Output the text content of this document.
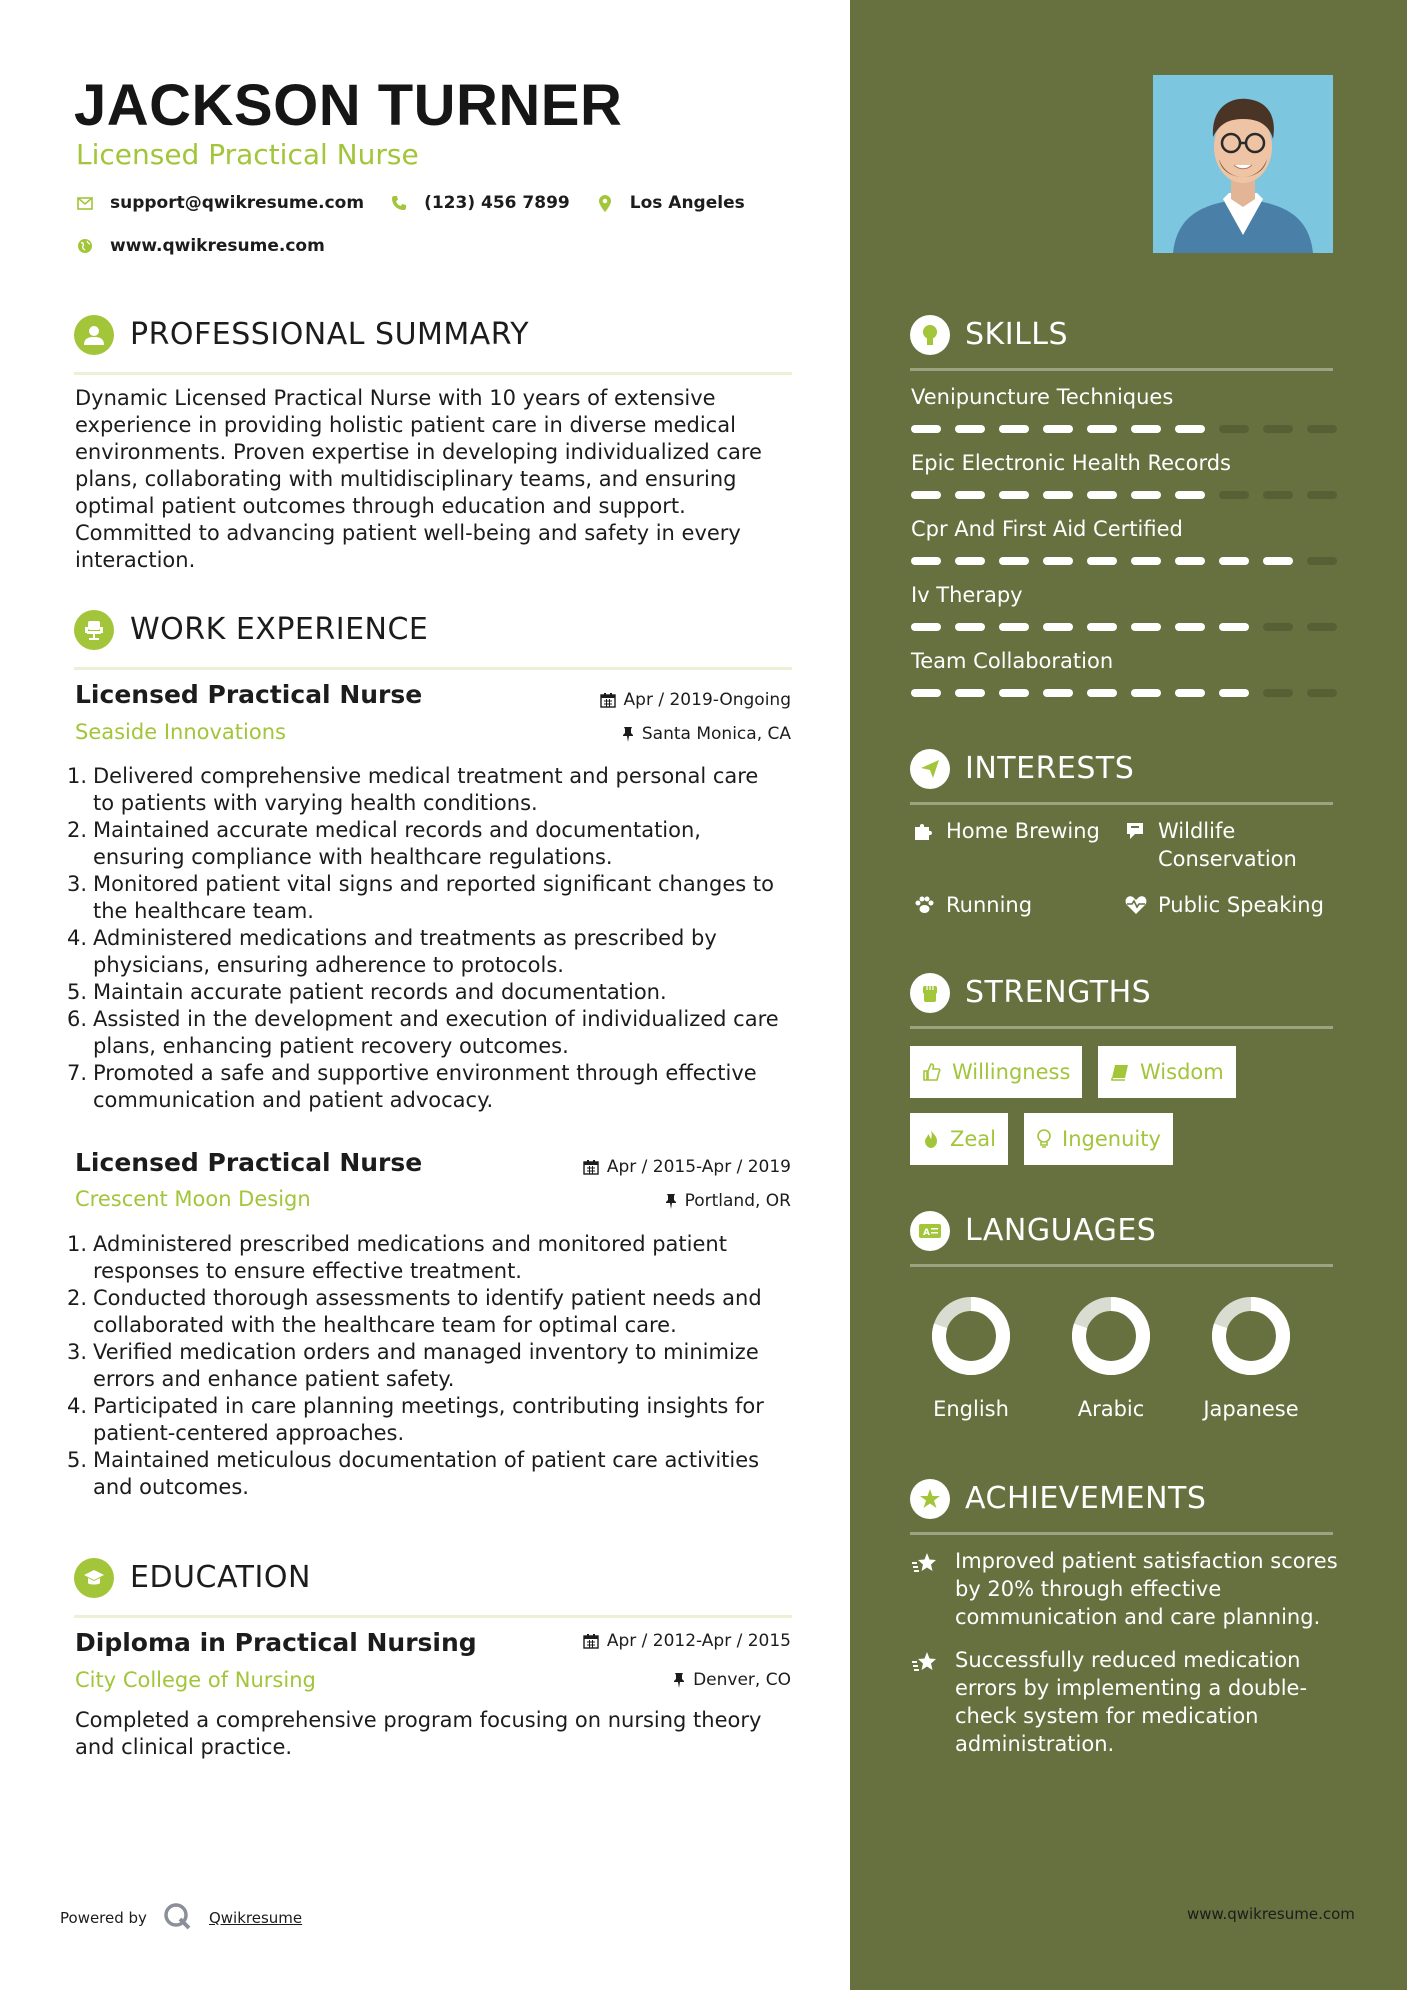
JACKSON TURNER
Licensed Practical Nurse
support@qwikresume.com	(123) 456 7899	Los Angeles
www.qwikresume.com
PROFESSIONAL SUMMARY
Dynamic Licensed Practical Nurse with 10 years of extensive experience in providing holistic patient care in diverse medical environments. Proven expertise in developing individualized care plans, collaborating with multidisciplinary teams, and ensuring optimal patient outcomes through education and support. Committed to advancing patient well-being and safety in every interaction.
WORK EXPERIENCE
Licensed Practical Nurse	Apr / 2019-Ongoing
Seaside Innovations	Santa Monica, CA
Delivered comprehensive medical treatment and personal care to patients with varying health conditions.
Maintained accurate medical records and documentation, ensuring compliance with healthcare regulations.
Monitored patient vital signs and reported significant changes to the healthcare team.
Administered medications and treatments as prescribed by physicians, ensuring adherence to protocols.
Maintain accurate patient records and documentation.
Assisted in the development and execution of individualized care plans, enhancing patient recovery outcomes.
Promoted a safe and supportive environment through effective communication and patient advocacy.
Licensed Practical Nurse	Apr / 2015-Apr / 2019
Crescent Moon Design	Portland, OR
Administered prescribed medications and monitored patient responses to ensure effective treatment.
Conducted thorough assessments to identify patient needs and collaborated with the healthcare team for optimal care.
Verified medication orders and managed inventory to minimize errors and enhance patient safety.
Participated in care planning meetings, contributing insights for patient-centered approaches.
Maintained meticulous documentation of patient care activities and outcomes.
EDUCATION
Diploma in Practical Nursing	Apr / 2012-Apr / 2015
City College of Nursing	Denver, CO
Completed a comprehensive program focusing on nursing theory and clinical practice.
Powered by	Qwikresume
SKILLS
Venipuncture Techniques
Epic Electronic Health Records
Cpr And First Aid Certified
Iv Therapy
Team Collaboration
INTERESTS
Home Brewing	Wildlife Conservation
Running	Public Speaking
STRENGTHS
Willingness	Wisdom
Zeal	Ingenuity
A LANGUAGES
English	Arabic	Japanese
ACHIEVEMENTS
Improved patient satisfaction scores by 20% through effective communication and care planning.
Successfully reduced medication errors by implementing a double-check system for medication administration.
www.qwikresume.com
